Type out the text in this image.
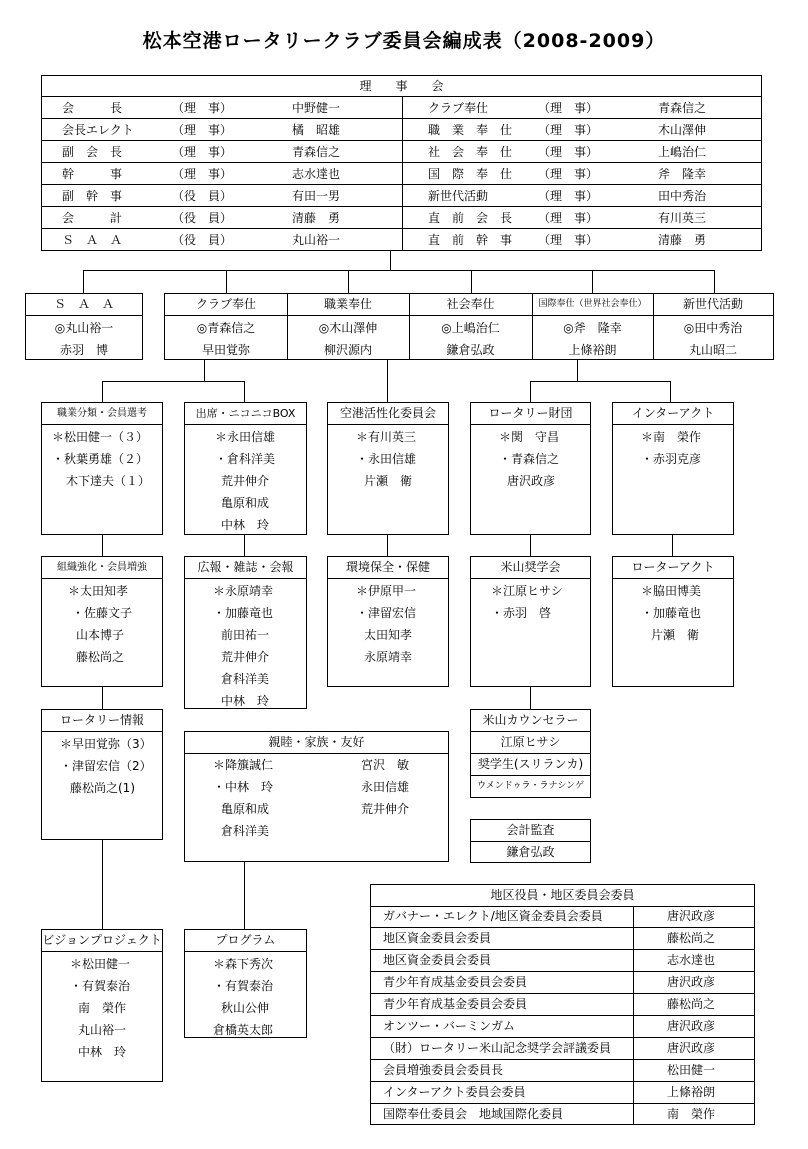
松本空港ロータリークラブ委員会編成表（2008-2009）
理　　事　　会
会　　　長	（理　事）	中野健一
会長エレクト	（理　事）	橘　昭雄
副　会　長	（理　事）	青森信之
幹　　　事	（理　事）	志水達也
副　幹　事	（役　員）	有田一男
会　　　計	（役　員）	清藤　勇
Ｓ　Ａ　Ａ	（役　員）	丸山裕一
クラブ奉仕	（理　事）	青森信之
職　業　奉　仕 （理　事）	木山澤伸
社　会　奉　仕 （理　事）	上嶋治仁
国　際　奉　仕 （理　事）	斧　隆幸
新世代活動	（理　事）	田中秀治
直　前　会　長 （理　事）	有川英三
直　前　幹　事 （理　事）	清藤　勇
Ｓ　Ａ　Ａ
◎丸山裕一
赤羽　博
クラブ奉仕
◎青森信之
早田覚弥
職業奉仕
◎木山澤伸
柳沢源内
社会奉仕
◎上嶋治仁
鎌倉弘政
国際奉仕（世界社会奉仕）
◎斧　隆幸
上條裕朗
新世代活動
◎田中秀治
丸山昭二
職業分類・会員選考
＊松田健一（３）
・秋葉勇雄（２）
木下達夫（１）
出席・ニコニコBOX
＊永田信雄
・倉科洋美
荒井伸介
亀原和成
中林　玲
空港活性化委員会
＊有川英三
・永田信雄
片瀬　衛
ロータリー財団
＊関　守昌
・青森信之
唐沢政彦
インターアクト
＊南　榮作
・赤羽克彦
組織強化・会員増強
＊太田知孝
・佐藤文子
山本博子
藤松尚之
広報・雑誌・会報
＊永原靖幸
・加藤竜也
前田祐一
荒井伸介
倉科洋美
中林　玲
環境保全・保健
＊伊原甲一
・津留宏信
太田知孝
永原靖幸
米山奨学会
＊江原ヒサシ
・赤羽　啓
ローターアクト
＊脇田博美
・加藤竜也
片瀬　衛
ロータリー情報
＊早田覚弥（3）
・津留宏信（2）
藤松尚之(1)
親睦・家族・友好
＊降籏誠仁
・中林　玲
亀原和成
倉科洋美
宮沢　敏
永田信雄
荒井伸介
米山カウンセラー
江原ヒサシ
奨学生(スリランカ)
ウメンドゥラ・ラナシンゲ
会計監査
鎌倉弘政
ビジョンプロジェクト
＊松田健一
・有賀泰治
南　榮作
丸山裕一
中林　玲
プログラム
＊森下秀次
・有賀泰治
秋山公伸
倉橋英太郎
地区役員・地区委員会委員
ガバナー・エレクト/地区資金委員会委員	唐沢政彦
地区資金委員会委員	藤松尚之
地区資金委員会委員	志水達也
青少年育成基金委員会委員	唐沢政彦
青少年育成基金委員会委員	藤松尚之
オンツー・バーミンガム	唐沢政彦
（財）ロータリー米山記念奨学会評議委員	唐沢政彦
会員増強委員会委員長	松田健一
インターアクト委員会委員	上條裕朗
国際奉仕委員会　地域国際化委員	南　榮作
